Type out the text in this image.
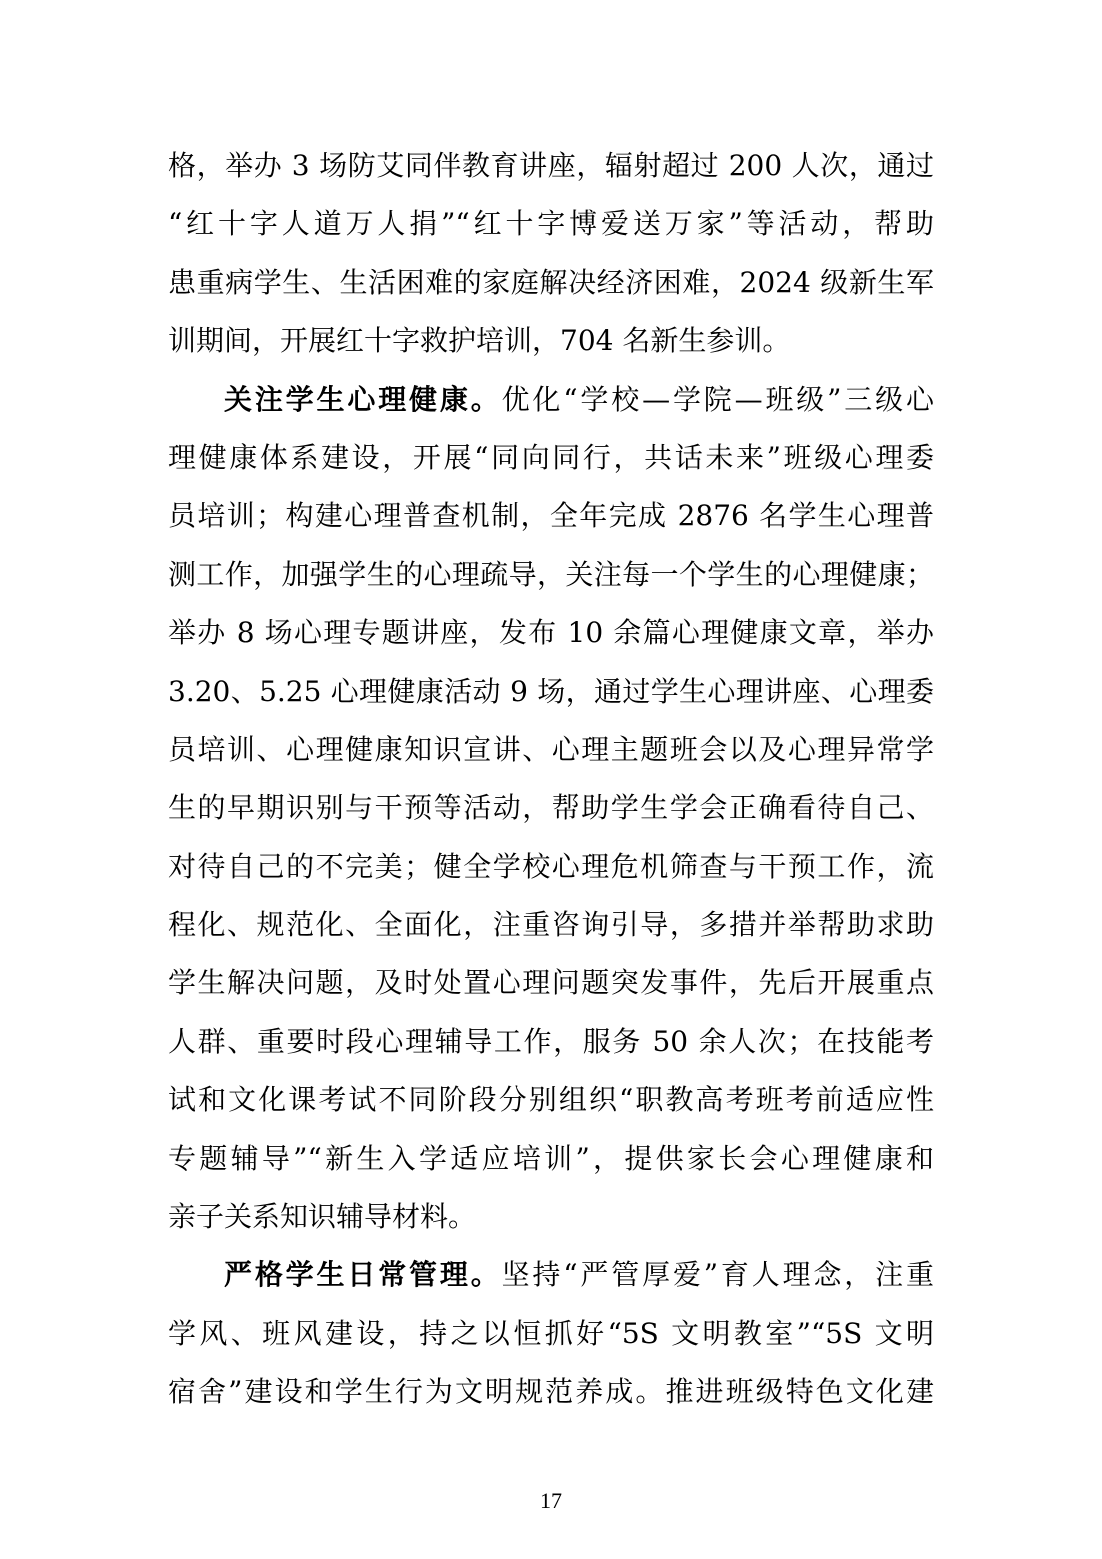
格，举办 3 场防艾同伴教育讲座，辐射超过 200 人次，通过
“红十字人道万人捐”“红十字博爱送万家”等活动，帮助
患重病学生、生活困难的家庭解决经济困难，2024 级新生军
训期间，开展红十字救护培训，704 名新生参训。
关注学生心理健康。优化“学校—学院—班级”三级心
理健康体系建设，开展“同向同行，共话未来”班级心理委
员培训；构建心理普查机制，全年完成 2876 名学生心理普
测工作，加强学生的心理疏导，关注每一个学生的心理健康；
举办 8 场心理专题讲座，发布 10 余篇心理健康文章，举办
3.20、5.25 心理健康活动 9 场，通过学生心理讲座、心理委
员培训、心理健康知识宣讲、心理主题班会以及心理异常学
生的早期识别与干预等活动，帮助学生学会正确看待自己、
对待自己的不完美；健全学校心理危机筛查与干预工作，流
程化、规范化、全面化，注重咨询引导，多措并举帮助求助
学生解决问题，及时处置心理问题突发事件，先后开展重点
人群、重要时段心理辅导工作，服务 50 余人次；在技能考
试和文化课考试不同阶段分别组织“职教高考班考前适应性
专题辅导”“新生入学适应培训”，提供家长会心理健康和
亲子关系知识辅导材料。
严格学生日常管理。坚持“严管厚爱”育人理念，注重
学风、班风建设，持之以恒抓好“5S 文明教室”“5S 文明
宿舍”建设和学生行为文明规范养成。推进班级特色文化建
17
